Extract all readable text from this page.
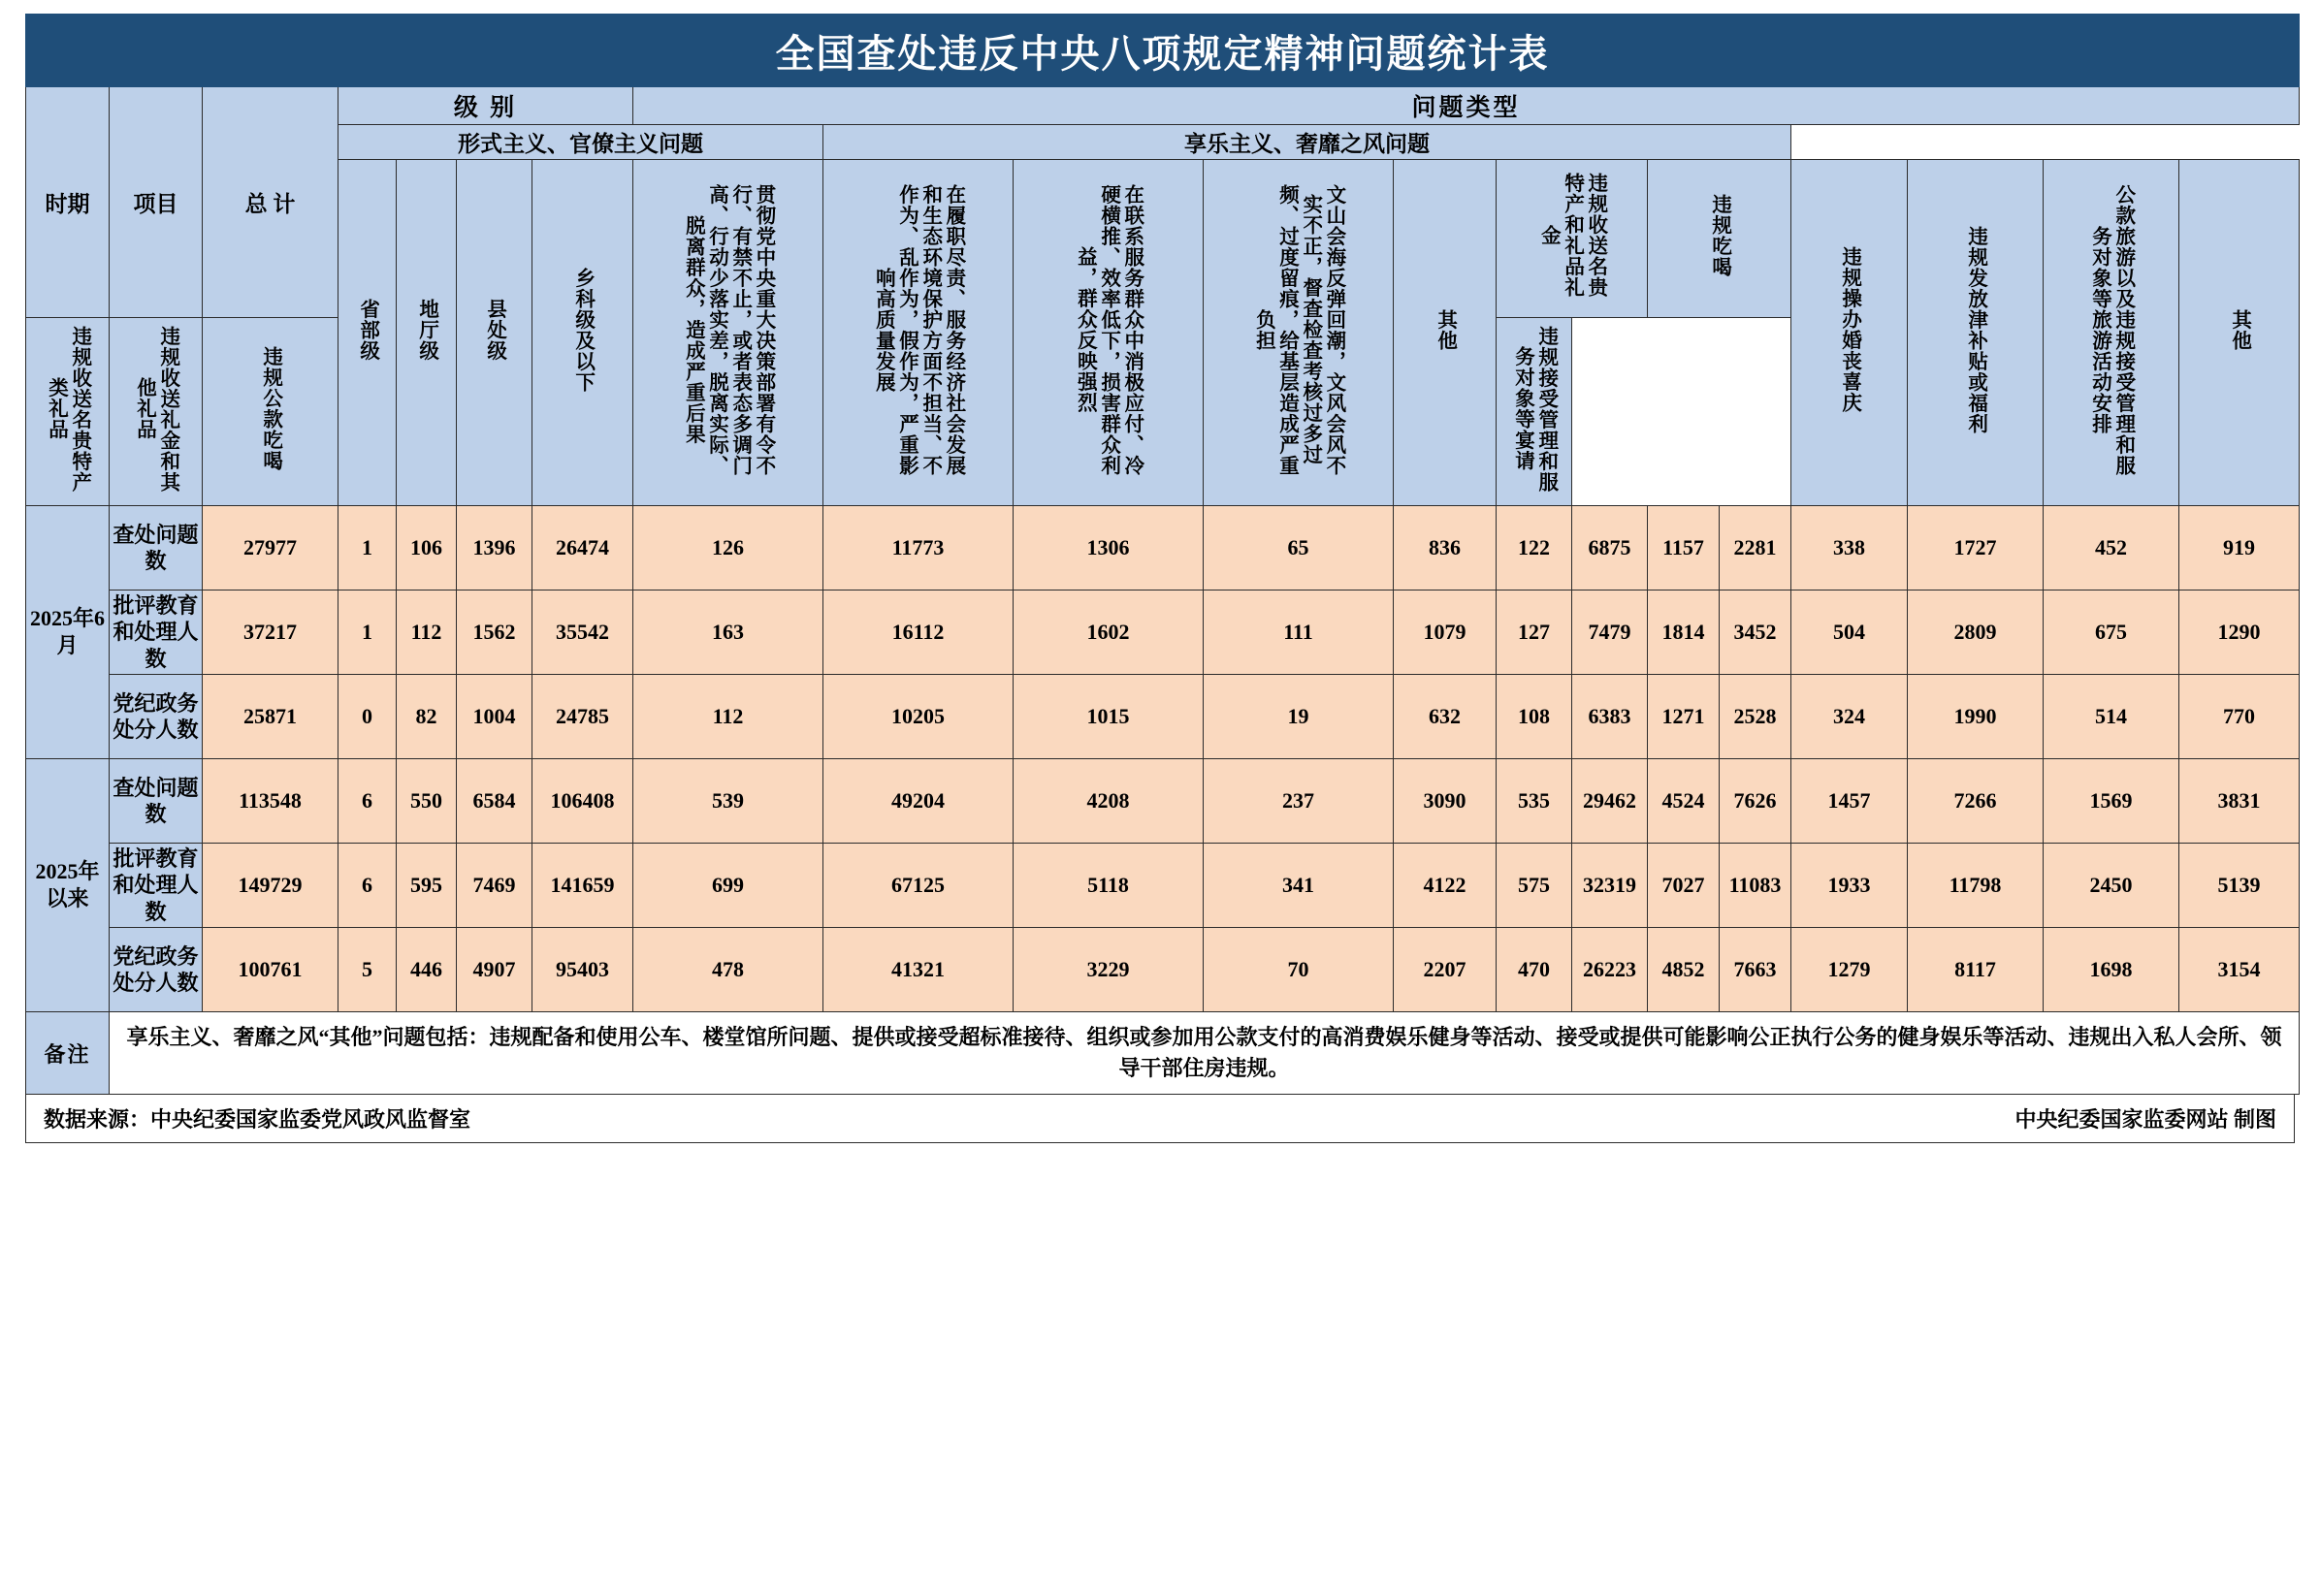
全国查处违反中央八项规定精神问题统计表																			
时期	项目	总 计	级 别				问题类型												
			形式主义、官僚主义问题					享乐主义、奢靡之风问题											
			省部级	地厅级	县处级	乡科级及以下	贯彻党中央重大决策部署有令不行、有禁不止，或者表态多调门高、行动少落实差，脱离实际、脱离群众，造成严重后果	在履职尽责、服务经济社会发展和生态环境保护方面不担当、不作为、乱作为，假作为，严重影响高质量发展	在联系服务群众中消极应付、冷硬横推、效率低下，损害群众利益，群众反映强烈	文山会海反弹回潮，文风会风不实不正，督查检查考核过多过频、过度留痕，给基层造成严重负担	其他	违规收送名贵特产和礼品礼金		违规吃喝		违规操办婚丧喜庆	违规发放津补贴或福利	公款旅游以及违规接受管理和服务对象等旅游活动安排	其他
违规收送名贵特产类礼品	违规收送礼金和其他礼品	违规公款吃喝										违规接受管理和服务对象等宴请							
2025年6月	查处问题数	27977	1	106	1396	26474	126	11773	1306	65	836	122	6875	1157	2281	338	1727	452	919
	批评教育和处理人数	37217	1	112	1562	35542	163	16112	1602	111	1079	127	7479	1814	3452	504	2809	675	1290
	党纪政务处分人数	25871	0	82	1004	24785	112	10205	1015	19	632	108	6383	1271	2528	324	1990	514	770
2025年以来	查处问题数	113548	6	550	6584	106408	539	49204	4208	237	3090	535	29462	4524	7626	1457	7266	1569	3831
	批评教育和处理人数	149729	6	595	7469	141659	699	67125	5118	341	4122	575	32319	7027	11083	1933	11798	2450	5139
	党纪政务处分人数	100761	5	446	4907	95403	478	41321	3229	70	2207	470	26223	4852	7663	1279	8117	1698	3154
备注	享乐主义、奢靡之风“其他”问题包括：违规配备和使用公车、楼堂馆所问题、提供或接受超标准接待、组织或参加用公款支付的高消费娱乐健身等活动、接受或提供可能影响公正执行公务的健身娱乐等活动、违规出入私人会所、领导干部住房违规。																		
数据来源：中央纪委国家监委党风政风监督室	中央纪委国家监委网站 制图
